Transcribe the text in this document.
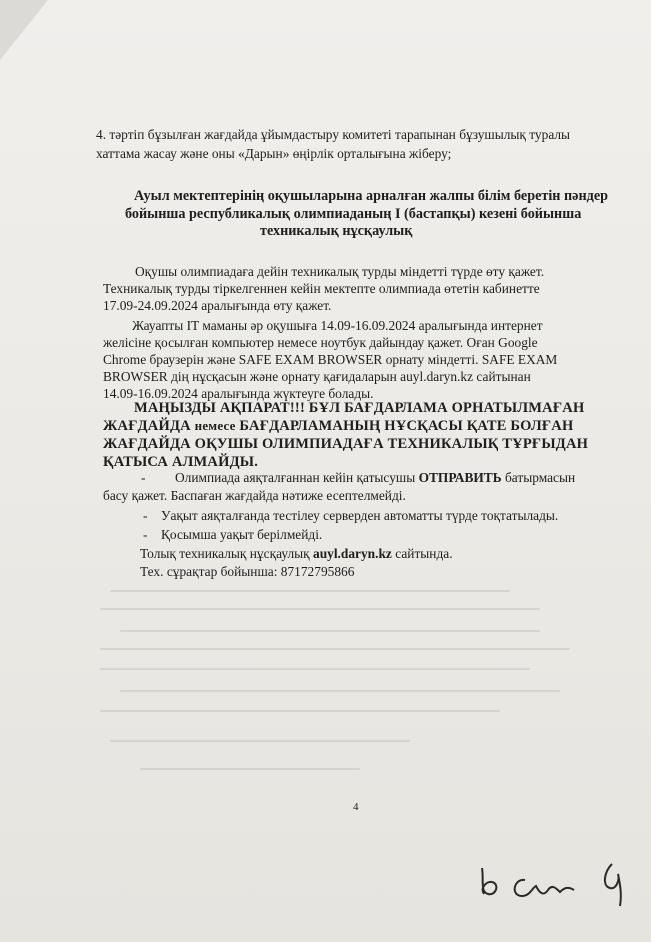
4. тәртіп бұзылған жағдайда ұйымдастыру комитеті тарапынан бұзушылық туралы
хаттама жасау және оны «Дарын» өңірлік орталығына жіберу;
Ауыл мектептерінің оқушыларына арналған жалпы білім беретін пәндер
бойынша республикалық олимпиаданың I (бастапқы) кезені бойынша
техникалық нұсқаулық
Оқушы олимпиадаға дейін техникалық турды міндетті түрде өту қажет.
Техникалық турды тіркелгеннен кейін мектепте олимпиада өтетін кабинетте
17.09-24.09.2024 аралығында өту қажет.
Жауапты IT маманы әр оқушыға 14.09-16.09.2024 аралығында интернет
желісіне қосылған компьютер немесе ноутбук дайындау қажет. Оған Google
Chrome браузерін және SAFE EXAM BROWSER орнату міндетті. SAFE EXAM
BROWSER дің нұсқасын және орнату қағидаларын auyl.daryn.kz сайтынан
14.09-16.09.2024 аралығында жүктеуге болады.
МАҢЫЗДЫ АҚПАРАТ!!! БҰЛ БАҒДАРЛАМА ОРНАТЫЛМАҒАН
ЖАҒДАЙДА немесе БАҒДАРЛАМАНЫҢ НҰСҚАСЫ ҚАТЕ БОЛҒАН
ЖАҒДАЙДА ОҚУШЫ ОЛИМПИАДАҒА ТЕХНИКАЛЫҚ ТҰРҒЫДАН
ҚАТЫСА АЛМАЙДЫ.
- Олимпиада аяқталғаннан кейін қатысушы ОТПРАВИТЬ батырмасын
басу қажет. Баспаған жағдайда нәтиже есептелмейді.
- Уақыт аяқталғанда тестілеу серверден автоматты түрде тоқтатылады.
- Қосымша уақыт берілмейді.
Толық техникалық нұсқаулық auyl.daryn.kz сайтында.
Тех. сұрақтар бойынша: 87172795866
4
